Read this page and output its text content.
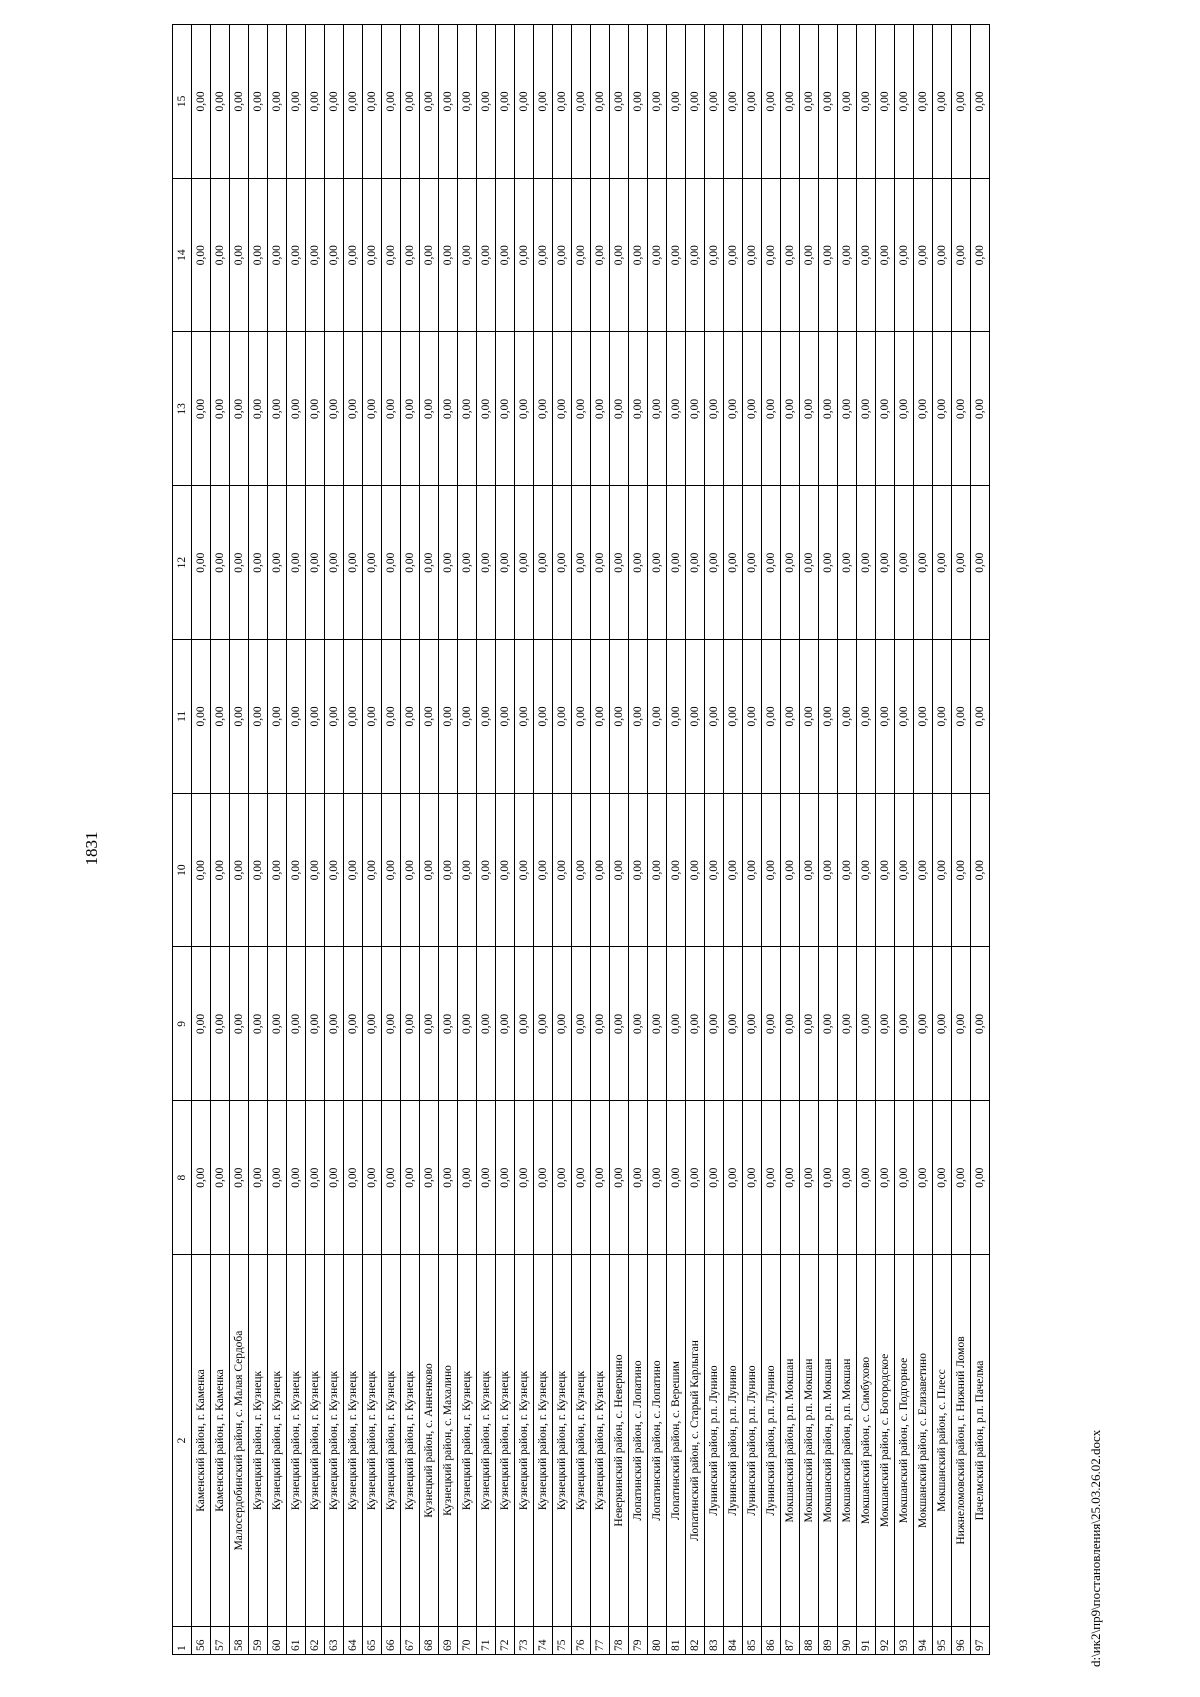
1831
1	2	8	9	10	11	12	13	14	15
56	Каменский район, г. Каменка	0,00	0,00	0,00	0,00	0,00	0,00	0,00	0,00
57	Каменский район, г. Каменка	0,00	0,00	0,00	0,00	0,00	0,00	0,00	0,00
58	Малосердобинский район, с. Малая Сердоба	0,00	0,00	0,00	0,00	0,00	0,00	0,00	0,00
59	Кузнецкий район, г. Кузнецк	0,00	0,00	0,00	0,00	0,00	0,00	0,00	0,00
60	Кузнецкий район, г. Кузнецк	0,00	0,00	0,00	0,00	0,00	0,00	0,00	0,00
61	Кузнецкий район, г. Кузнецк	0,00	0,00	0,00	0,00	0,00	0,00	0,00	0,00
62	Кузнецкий район, г. Кузнецк	0,00	0,00	0,00	0,00	0,00	0,00	0,00	0,00
63	Кузнецкий район, г. Кузнецк	0,00	0,00	0,00	0,00	0,00	0,00	0,00	0,00
64	Кузнецкий район, г. Кузнецк	0,00	0,00	0,00	0,00	0,00	0,00	0,00	0,00
65	Кузнецкий район, г. Кузнецк	0,00	0,00	0,00	0,00	0,00	0,00	0,00	0,00
66	Кузнецкий район, г. Кузнецк	0,00	0,00	0,00	0,00	0,00	0,00	0,00	0,00
67	Кузнецкий район, г. Кузнецк	0,00	0,00	0,00	0,00	0,00	0,00	0,00	0,00
68	Кузнецкий район, с. Анненково	0,00	0,00	0,00	0,00	0,00	0,00	0,00	0,00
69	Кузнецкий район, с. Махалино	0,00	0,00	0,00	0,00	0,00	0,00	0,00	0,00
70	Кузнецкий район, г. Кузнецк	0,00	0,00	0,00	0,00	0,00	0,00	0,00	0,00
71	Кузнецкий район, г. Кузнецк	0,00	0,00	0,00	0,00	0,00	0,00	0,00	0,00
72	Кузнецкий район, г. Кузнецк	0,00	0,00	0,00	0,00	0,00	0,00	0,00	0,00
73	Кузнецкий район, г. Кузнецк	0,00	0,00	0,00	0,00	0,00	0,00	0,00	0,00
74	Кузнецкий район, г. Кузнецк	0,00	0,00	0,00	0,00	0,00	0,00	0,00	0,00
75	Кузнецкий район, г. Кузнецк	0,00	0,00	0,00	0,00	0,00	0,00	0,00	0,00
76	Кузнецкий район, г. Кузнецк	0,00	0,00	0,00	0,00	0,00	0,00	0,00	0,00
77	Кузнецкий район, г. Кузнецк	0,00	0,00	0,00	0,00	0,00	0,00	0,00	0,00
78	Неверкинский район, с. Неверкино	0,00	0,00	0,00	0,00	0,00	0,00	0,00	0,00
79	Лопатинский район, с. Лопатино	0,00	0,00	0,00	0,00	0,00	0,00	0,00	0,00
80	Лопатинский район, с. Лопатино	0,00	0,00	0,00	0,00	0,00	0,00	0,00	0,00
81	Лопатинский район, с. Верешим	0,00	0,00	0,00	0,00	0,00	0,00	0,00	0,00
82	Лопатинский район, с. Старый Карлыган	0,00	0,00	0,00	0,00	0,00	0,00	0,00	0,00
83	Лунинский район, р.п. Лунино	0,00	0,00	0,00	0,00	0,00	0,00	0,00	0,00
84	Лунинский район, р.п. Лунино	0,00	0,00	0,00	0,00	0,00	0,00	0,00	0,00
85	Лунинский район, р.п. Лунино	0,00	0,00	0,00	0,00	0,00	0,00	0,00	0,00
86	Лунинский район, р.п. Лунино	0,00	0,00	0,00	0,00	0,00	0,00	0,00	0,00
87	Мокшанский район, р.п. Мокшан	0,00	0,00	0,00	0,00	0,00	0,00	0,00	0,00
88	Мокшанский район, р.п. Мокшан	0,00	0,00	0,00	0,00	0,00	0,00	0,00	0,00
89	Мокшанский район, р.п. Мокшан	0,00	0,00	0,00	0,00	0,00	0,00	0,00	0,00
90	Мокшанский район, р.п. Мокшан	0,00	0,00	0,00	0,00	0,00	0,00	0,00	0,00
91	Мокшанский район, с. Симбухово	0,00	0,00	0,00	0,00	0,00	0,00	0,00	0,00
92	Мокшанский район, с. Богородское	0,00	0,00	0,00	0,00	0,00	0,00	0,00	0,00
93	Мокшанский район, с. Подгорное	0,00	0,00	0,00	0,00	0,00	0,00	0,00	0,00
94	Мокшанский район, с. Елизаветино	0,00	0,00	0,00	0,00	0,00	0,00	0,00	0,00
95	Мокшанский район, с. Плесс	0,00	0,00	0,00	0,00	0,00	0,00	0,00	0,00
96	Нижнеломовский район, г. Нижний Ломов	0,00	0,00	0,00	0,00	0,00	0,00	0,00	0,00
97	Пачелмский район, р.п. Пачелма	0,00	0,00	0,00	0,00	0,00	0,00	0,00	0,00
d:\ик2\пр9\постановления\25.03.26.02.docx
